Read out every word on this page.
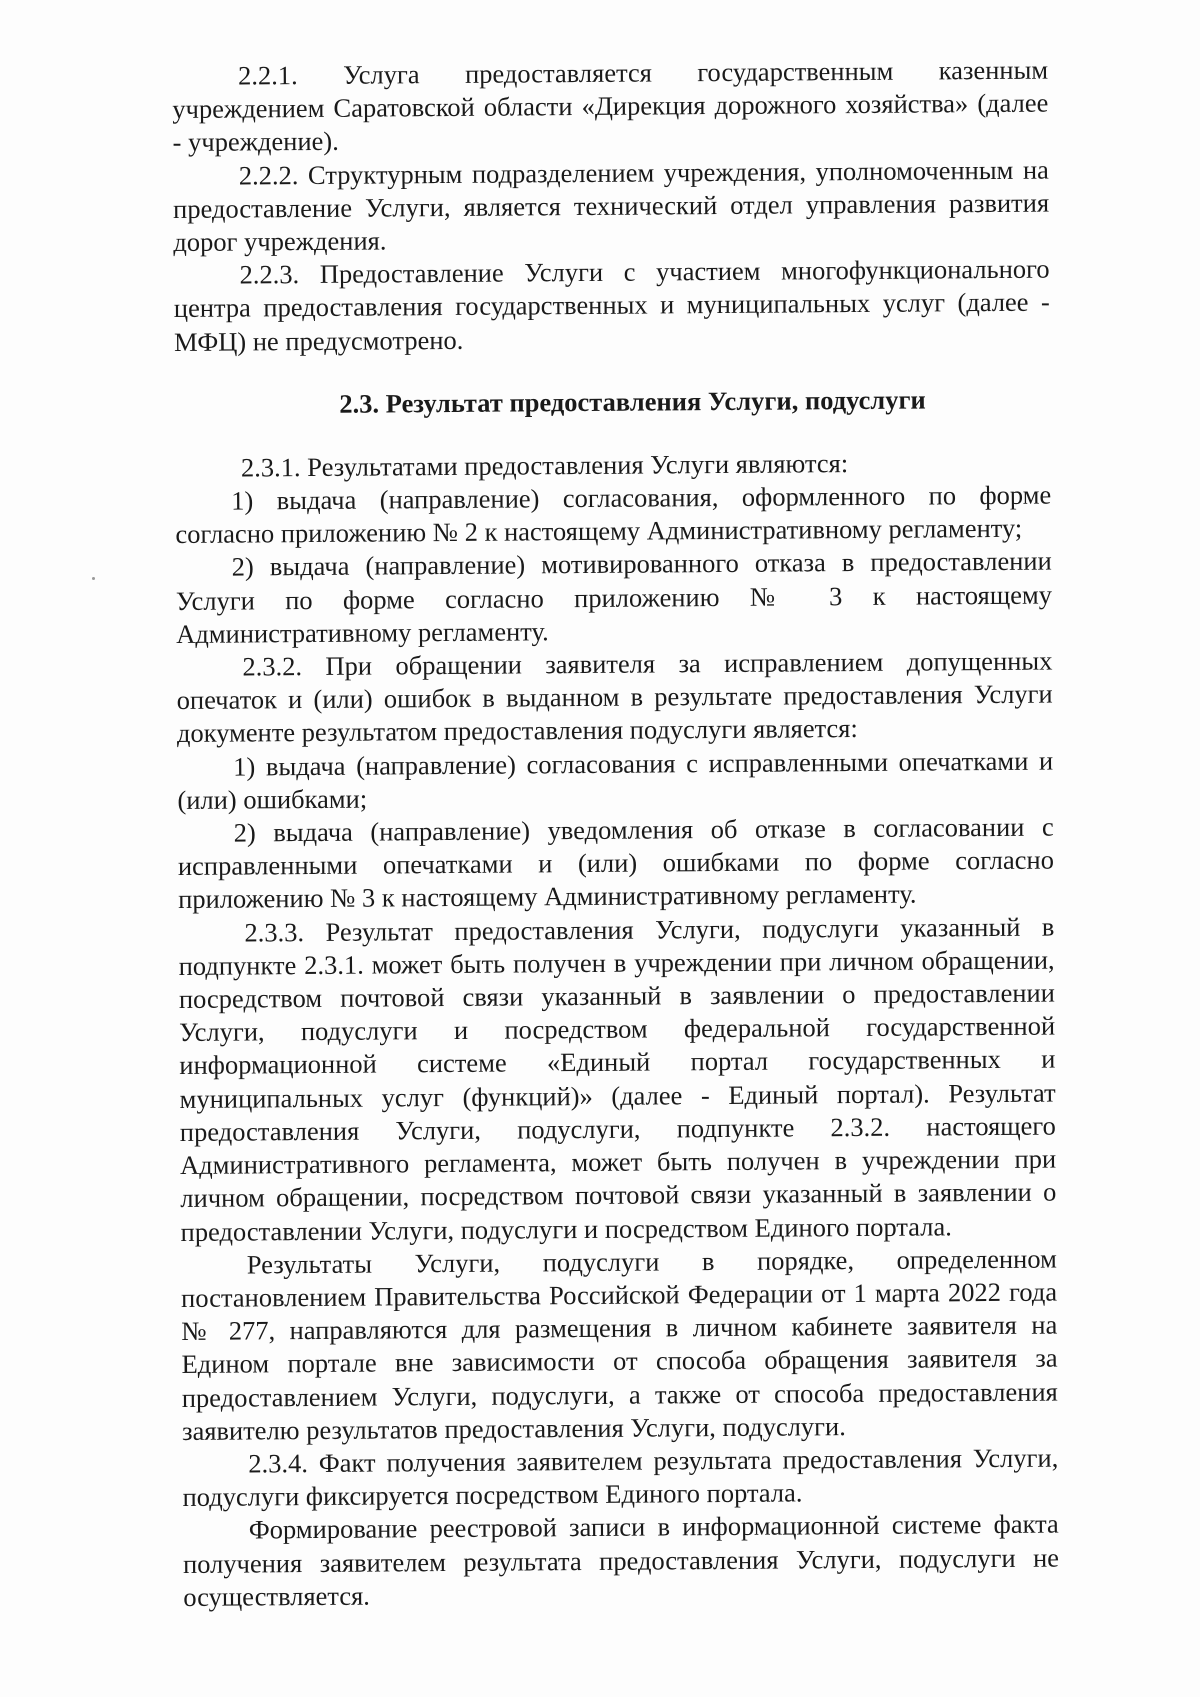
2.2.1. Услуга предоставляется государственным казенным учреждением Саратовской области «Дирекция дорожного хозяйства» (далее - учреждение).

2.2.2. Структурным подразделением учреждения, уполномоченным на предоставление Услуги, является технический отдел управления развития дорог учреждения.

2.2.3. Предоставление Услуги с участием многофункционального центра предоставления государственных и муниципальных услуг (далее - МФЦ) не предусмотрено.

2.3. Результат предоставления Услуги, подуслуги

2.3.1. Результатами предоставления Услуги являются:

1) выдача (направление) согласования, оформленного по форме согласно приложению № 2 к настоящему Административному регламенту;

2) выдача (направление) мотивированного отказа в предоставлении Услуги по форме согласно приложению № 3 к настоящему Административному регламенту.

2.3.2. При обращении заявителя за исправлением допущенных опечаток и (или) ошибок в выданном в результате предоставления Услуги документе результатом предоставления подуслуги является:

1) выдача (направление) согласования с исправленными опечатками и (или) ошибками;

2) выдача (направление) уведомления об отказе в согласовании с исправленными опечатками и (или) ошибками по форме согласно приложению № 3 к настоящему Административному регламенту.

2.3.3. Результат предоставления Услуги, подуслуги указанный в подпункте 2.3.1. может быть получен в учреждении при личном обращении, посредством почтовой связи указанный в заявлении о предоставлении Услуги, подуслуги и посредством федеральной государственной информационной системе «Единый портал государственных и муниципальных услуг (функций)» (далее - Единый портал). Результат предоставления Услуги, подуслуги, подпункте 2.3.2. настоящего Административного регламента, может быть получен в учреждении при личном обращении, посредством почтовой связи указанный в заявлении о предоставлении Услуги, подуслуги и посредством Единого портала.

Результаты Услуги, подуслуги в порядке, определенном постановлением Правительства Российской Федерации от 1 марта 2022 года № 277, направляются для размещения в личном кабинете заявителя на Едином портале вне зависимости от способа обращения заявителя за предоставлением Услуги, подуслуги, а также от способа предоставления заявителю результатов предоставления Услуги, подуслуги.

2.3.4. Факт получения заявителем результата предоставления Услуги, подуслуги фиксируется посредством Единого портала.

Формирование реестровой записи в информационной системе факта получения заявителем результата предоставления Услуги, подуслуги не осуществляется.
